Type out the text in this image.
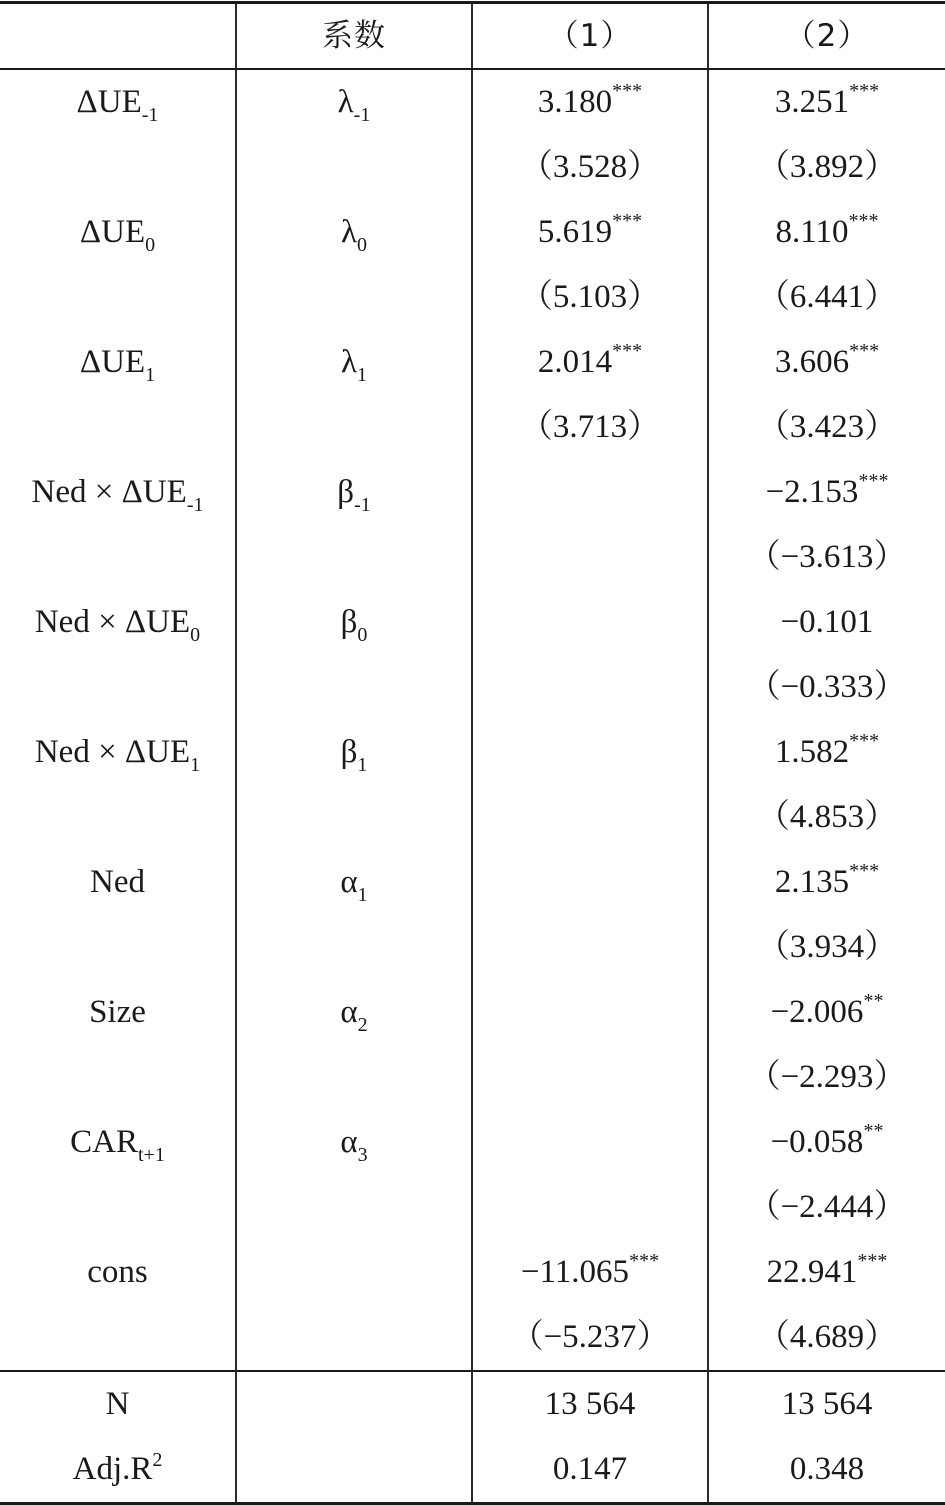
	系数	（1）	（2）
$\Delta UE_{-1}$	$\lambda_{-1}$	3.180***	3.251***
		（3.528）	（3.892）
$\Delta UE_0$	$\lambda_0$	5.619***	8.110***
		（5.103）	（6.441）
$\Delta UE_1$	$\lambda_1$	2.014***	3.606***
		（3.713）	（3.423）
Ned × $\Delta UE_{-1}$	$\beta_{-1}$		−2.153***
			（−3.613）
Ned × $\Delta UE_0$	$\beta_0$		−0.101
			（−0.333）
Ned × $\Delta UE_1$	$\beta_1$		1.582***
			（4.853）
Ned	$\alpha_1$		2.135***
			（3.934）
Size	$\alpha_2$		−2.006**
			（−2.293）
$CAR_{t+1}$	$\alpha_3$		−0.058**
			（−2.444）
cons		−11.065***	22.941***
		（−5.237）	（4.689）
N		13 564	13 564
$Adj.R^2$		0.147	0.348
